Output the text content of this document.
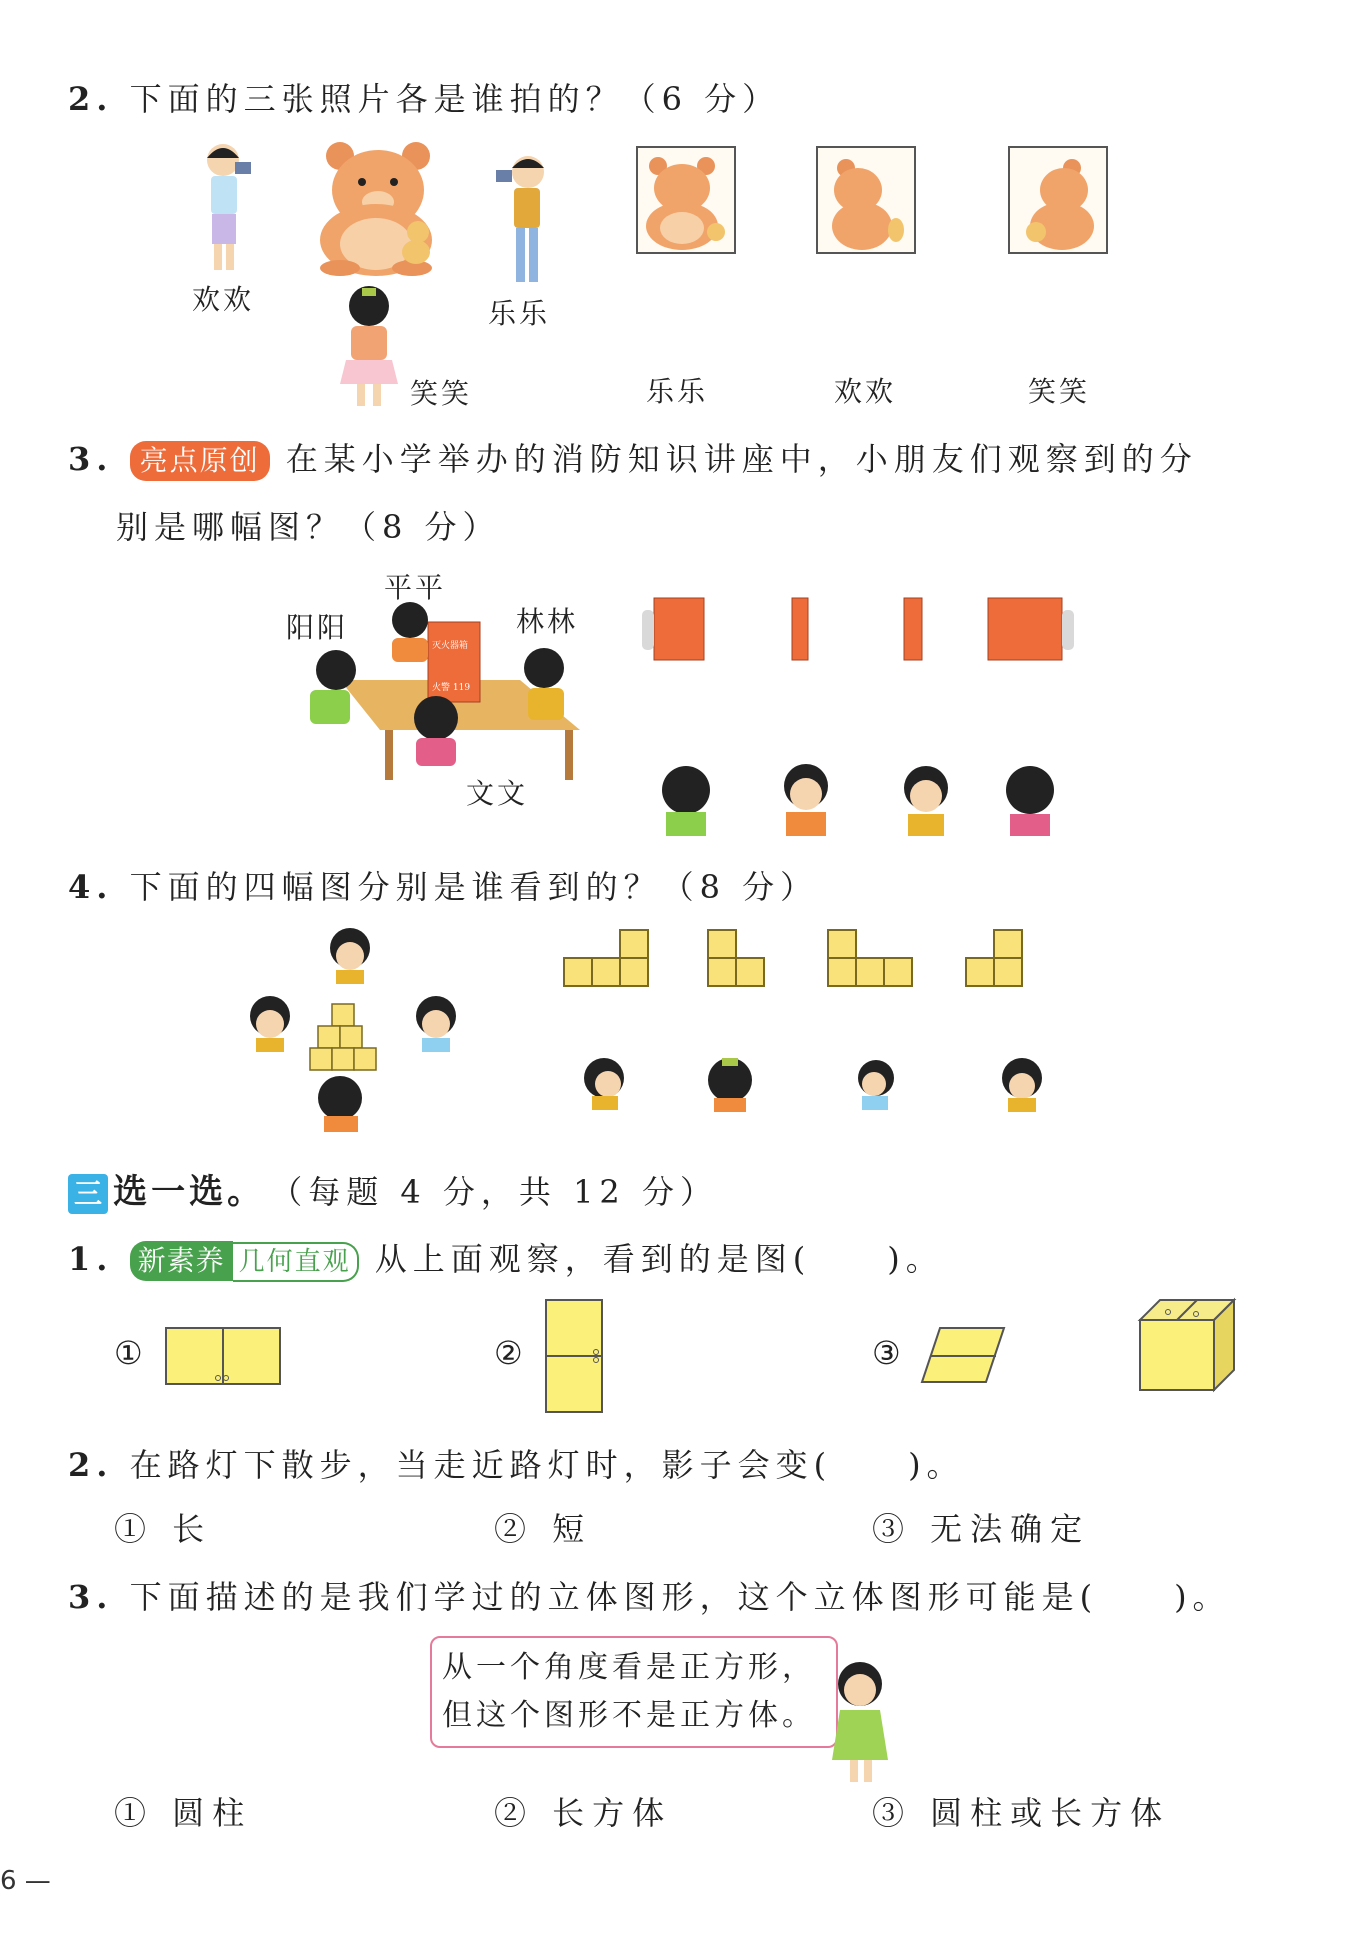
2. 下面的三张照片各是谁拍的？（6 分）
欢欢	乐乐
笑笑	乐乐	欢欢	笑笑
3. 亮点原创 在某小学举办的消防知识讲座中，小朋友们观察到的分
别是哪幅图？（8 分）
灭火器箱
火警 119
平平
阳阳	林林
文文
4. 下面的四幅图分别是谁看到的？（8 分）
三 选一选。 （每题 4 分，共 12 分）
1. 新素养 几何直观 从上面观察，看到的是图(　　)。
①	②	③
2. 在路灯下散步，当走近路灯时，影子会变(　　)。
① 长	② 短	③ 无法确定
3. 下面描述的是我们学过的立体图形，这个立体图形可能是(　　)。
从一个角度看是正方形，
但这个图形不是正方体。
① 圆柱	② 长方体	③ 圆柱或长方体
6 —
